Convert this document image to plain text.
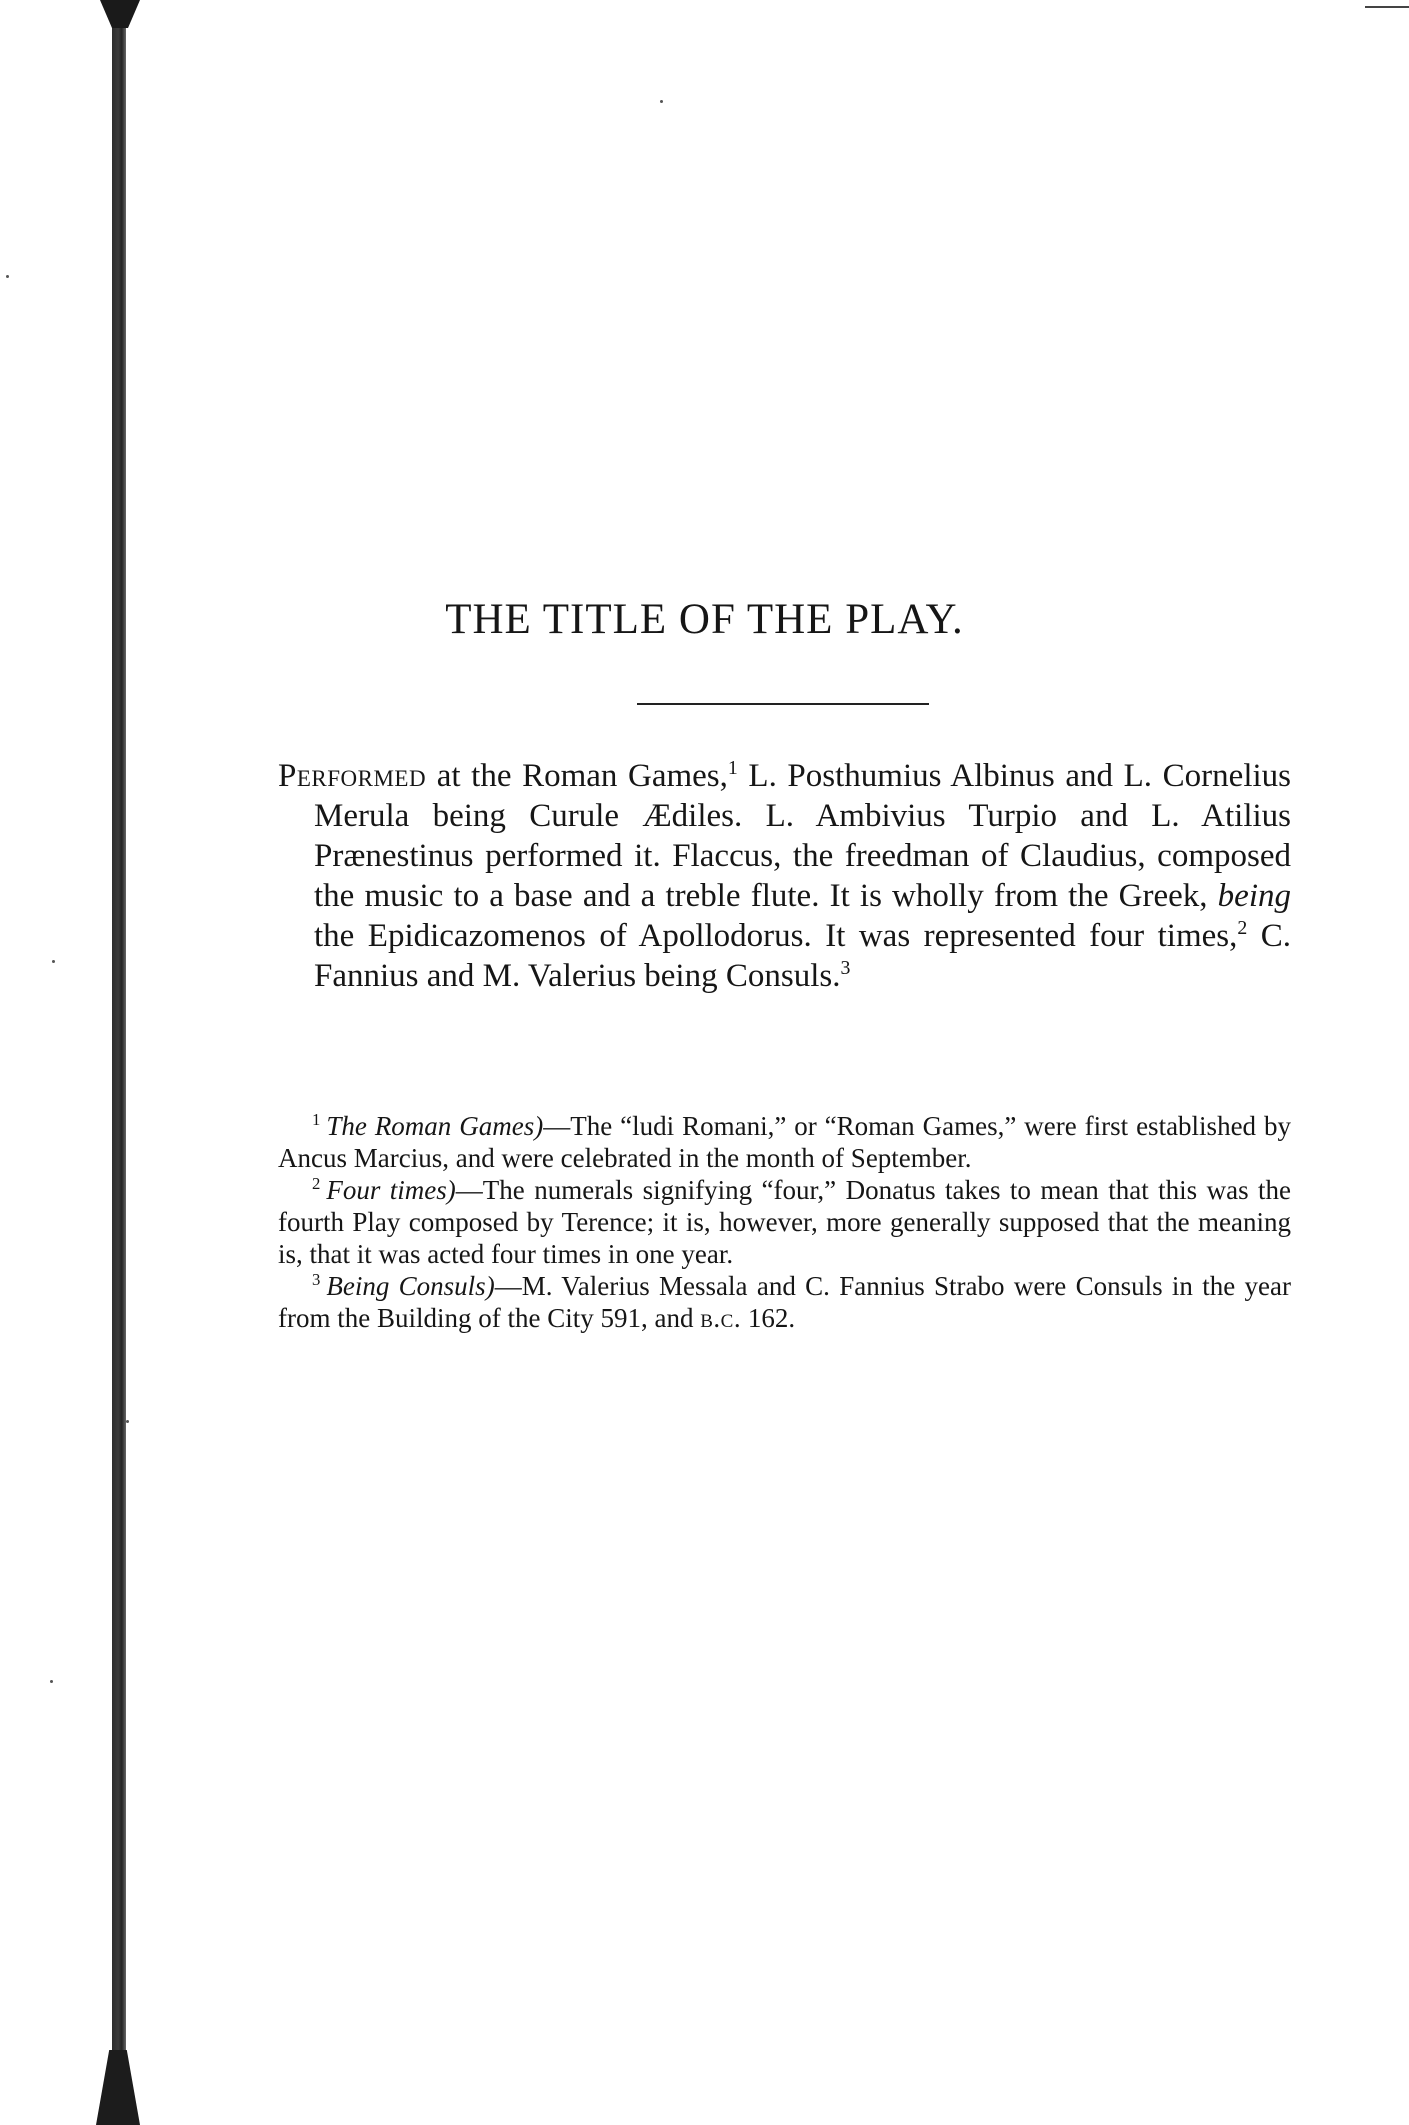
THE TITLE OF THE PLAY.

Performed at the Roman Games,$^1$ L. Posthumius Albinus and L. Cornelius Merula being Curule Ædiles. L. Ambivius Turpio and L. Atilius Prænestinus performed it. Flaccus, the freedman of Claudius, composed the music to a base and a treble flute. It is wholly from the Greek, being the Epidicazomenos of Apollodorus. It was represented four times,$^2$ C. Fannius and M. Valerius being Consuls.$^3$

$^1$ The Roman Games)—The “ludi Romani,” or “Roman Games,” were first established by Ancus Marcius, and were celebrated in the month of September.

$^2$ Four times)—The numerals signifying “four,” Donatus takes to mean that this was the fourth Play composed by Terence; it is, however, more generally supposed that the meaning is, that it was acted four times in one year.

$^3$ Being Consuls)—M. Valerius Messala and C. Fannius Strabo were Consuls in the year from the Building of the City 591, and b.c. 162.
